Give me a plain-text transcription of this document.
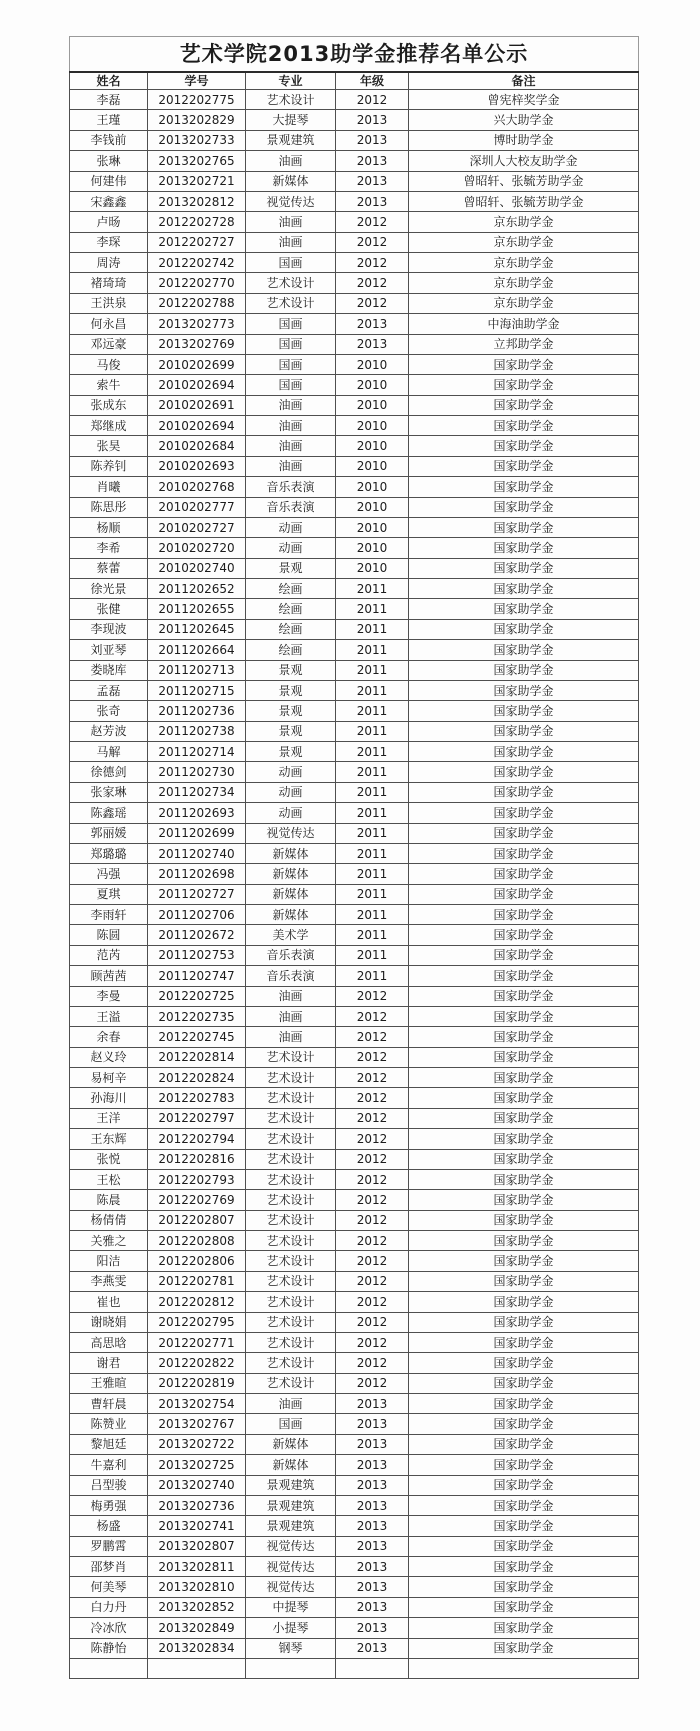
艺术学院2013助学金推荐名单公示				
姓名	学号	专业	年级	备注
李磊	2012202775	艺术设计	2012	曾宪梓奖学金
王瑾	2013202829	大提琴	2013	兴大助学金
李钱前	2013202733	景观建筑	2013	博时助学金
张琳	2013202765	油画	2013	深圳人大校友助学金
何建伟	2013202721	新媒体	2013	曾昭轩、张毓芳助学金
宋鑫鑫	2013202812	视觉传达	2013	曾昭轩、张毓芳助学金
卢旸	2012202728	油画	2012	京东助学金
李琛	2012202727	油画	2012	京东助学金
周涛	2012202742	国画	2012	京东助学金
褚琦琦	2012202770	艺术设计	2012	京东助学金
王洪泉	2012202788	艺术设计	2012	京东助学金
何永昌	2013202773	国画	2013	中海油助学金
邓远豪	2013202769	国画	2013	立邦助学金
马俊	2010202699	国画	2010	国家助学金
索牛	2010202694	国画	2010	国家助学金
张成东	2010202691	油画	2010	国家助学金
郑继成	2010202694	油画	2010	国家助学金
张昊	2010202684	油画	2010	国家助学金
陈养钊	2010202693	油画	2010	国家助学金
肖曦	2010202768	音乐表演	2010	国家助学金
陈思彤	2010202777	音乐表演	2010	国家助学金
杨顺	2010202727	动画	2010	国家助学金
李希	2010202720	动画	2010	国家助学金
蔡蕾	2010202740	景观	2010	国家助学金
徐光景	2011202652	绘画	2011	国家助学金
张健	2011202655	绘画	2011	国家助学金
李现波	2011202645	绘画	2011	国家助学金
刘亚琴	2011202664	绘画	2011	国家助学金
娄晓库	2011202713	景观	2011	国家助学金
孟磊	2011202715	景观	2011	国家助学金
张奇	2011202736	景观	2011	国家助学金
赵芳波	2011202738	景观	2011	国家助学金
马解	2011202714	景观	2011	国家助学金
徐德剑	2011202730	动画	2011	国家助学金
张家琳	2011202734	动画	2011	国家助学金
陈鑫瑶	2011202693	动画	2011	国家助学金
郭丽媛	2011202699	视觉传达	2011	国家助学金
郑璐璐	2011202740	新媒体	2011	国家助学金
冯强	2011202698	新媒体	2011	国家助学金
夏琪	2011202727	新媒体	2011	国家助学金
李雨轩	2011202706	新媒体	2011	国家助学金
陈圆	2011202672	美术学	2011	国家助学金
范芮	2011202753	音乐表演	2011	国家助学金
顾茜茜	2011202747	音乐表演	2011	国家助学金
李曼	2012202725	油画	2012	国家助学金
王溢	2012202735	油画	2012	国家助学金
余春	2012202745	油画	2012	国家助学金
赵义玲	2012202814	艺术设计	2012	国家助学金
易柯辛	2012202824	艺术设计	2012	国家助学金
孙海川	2012202783	艺术设计	2012	国家助学金
王洋	2012202797	艺术设计	2012	国家助学金
王东辉	2012202794	艺术设计	2012	国家助学金
张悦	2012202816	艺术设计	2012	国家助学金
王松	2012202793	艺术设计	2012	国家助学金
陈晨	2012202769	艺术设计	2012	国家助学金
杨倩倩	2012202807	艺术设计	2012	国家助学金
关雅之	2012202808	艺术设计	2012	国家助学金
阳洁	2012202806	艺术设计	2012	国家助学金
李燕雯	2012202781	艺术设计	2012	国家助学金
崔也	2012202812	艺术设计	2012	国家助学金
谢晓娟	2012202795	艺术设计	2012	国家助学金
高思晗	2012202771	艺术设计	2012	国家助学金
谢君	2012202822	艺术设计	2012	国家助学金
王雅暄	2012202819	艺术设计	2012	国家助学金
曹轩晨	2013202754	油画	2013	国家助学金
陈赞业	2013202767	国画	2013	国家助学金
黎旭廷	2013202722	新媒体	2013	国家助学金
牛嘉利	2013202725	新媒体	2013	国家助学金
吕型骏	2013202740	景观建筑	2013	国家助学金
梅勇强	2013202736	景观建筑	2013	国家助学金
杨盛	2013202741	景观建筑	2013	国家助学金
罗鹏霄	2013202807	视觉传达	2013	国家助学金
邵梦肖	2013202811	视觉传达	2013	国家助学金
何美琴	2013202810	视觉传达	2013	国家助学金
白力丹	2013202852	中提琴	2013	国家助学金
冷冰欣	2013202849	小提琴	2013	国家助学金
陈静怡	2013202834	钢琴	2013	国家助学金
